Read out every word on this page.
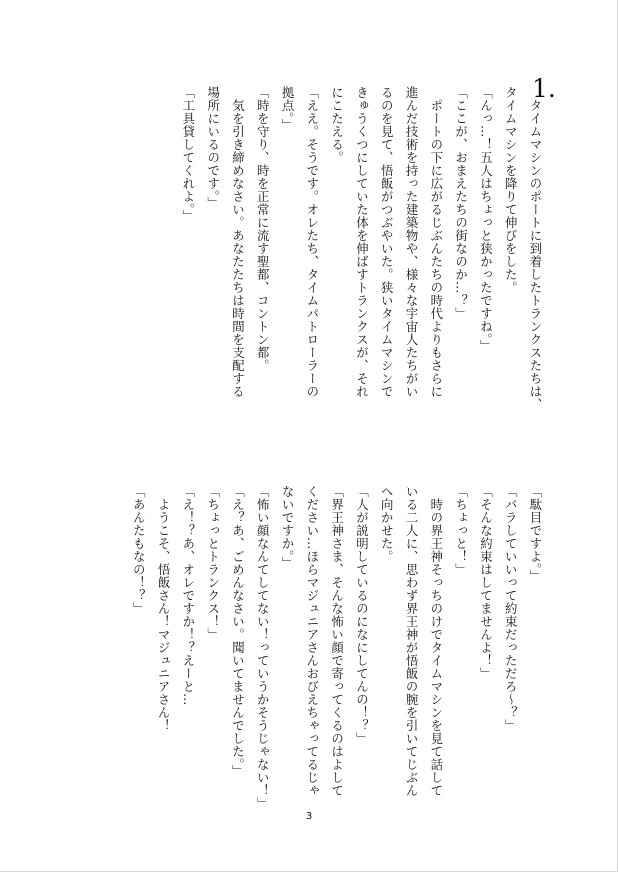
1.
　タイムマシンのポートに到着したトランクスたちは、
タイムマシンを降りて伸びをした。
「んっ…！五人はちょっと狭かったですね。」
「ここが、おまえたちの街なのか…？」
　ポートの下に広がるじぶんたちの時代よりもさらに
進んだ技術を持った建築物や、様々な宇宙人たちがい
るのを見て、悟飯がつぶやいた。狭いタイムマシンで
きゅうくつにしていた体を伸ばすトランクスが、それ
にこたえる。
「ええ。そうです。オレたち、タイムパトローラーの
拠点。」
「時を守り、時を正常に流す聖都、コントン都。
　気を引き締めなさい。あなたたちは時間を支配する
場所にいるのです。」
「工具貸してくれよ。」
「駄目ですよ。」
「バラしていいって約束だっただろ～？」
「そんな約束はしてませんよ！」
「ちょっと！」
　時の界王神そっちのけでタイムマシンを見て話して
いる二人に、思わず界王神が悟飯の腕を引いてじぶん
へ向かせた。
「人が説明しているのになにしてんの！？」
「界王神さま、そんな怖い顔で寄ってくるのはよして
ください…ほらマジュニアさんおびえちゃってるじゃ
ないですか。」
「怖い顔なんてしてない！っていうかそうじゃない！」
「え？あ、ごめんなさい。聞いてませんでした。」
「ちょっとトランクス！」
「え！？あ、オレですか！？えーと…
　ようこそ、悟飯さん！マジュニアさん！
「あんたもなの！？」
3
